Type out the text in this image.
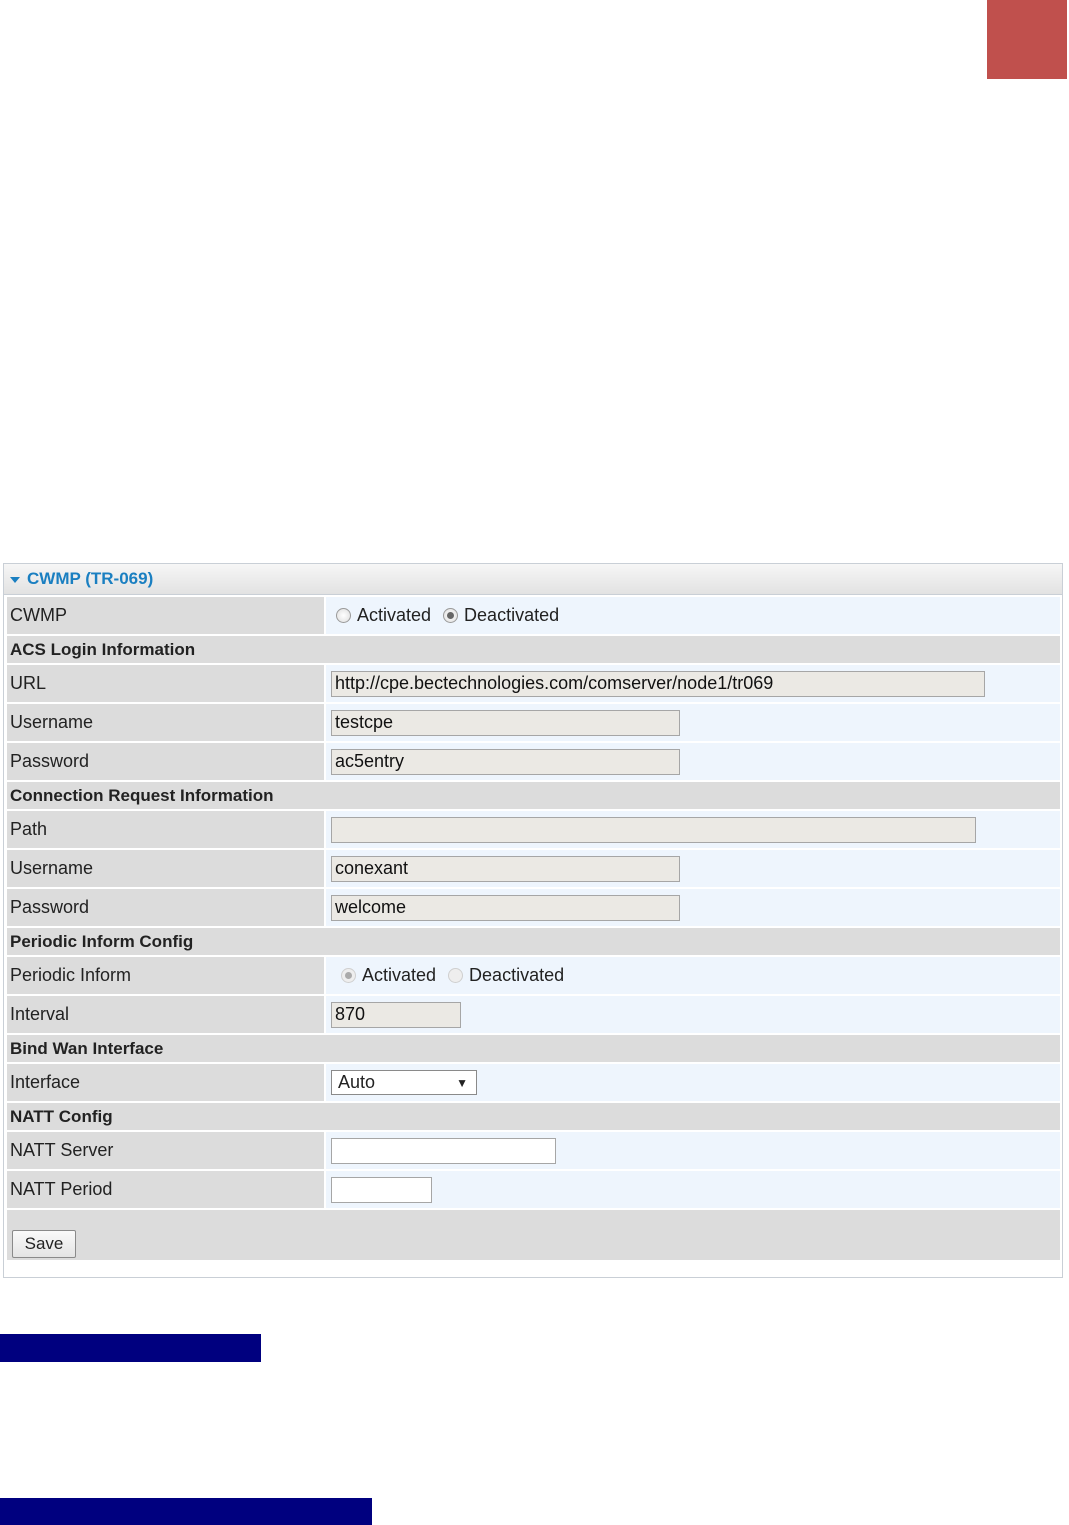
CWMP (TR-069)
CWMP	Activated Deactivated
ACS Login Information
URL	http://cpe.bectechnologies.com/comserver/node1/tr069
Username	testcpe
Password	ac5entry
Connection Request Information
Path
Username	conexant
Password	welcome
Periodic Inform Config
Periodic Inform	Activated Deactivated
Interval	870
Bind Wan Interface
Interface	Auto	▼
NATT Config
NATT Server
NATT Period
Save
